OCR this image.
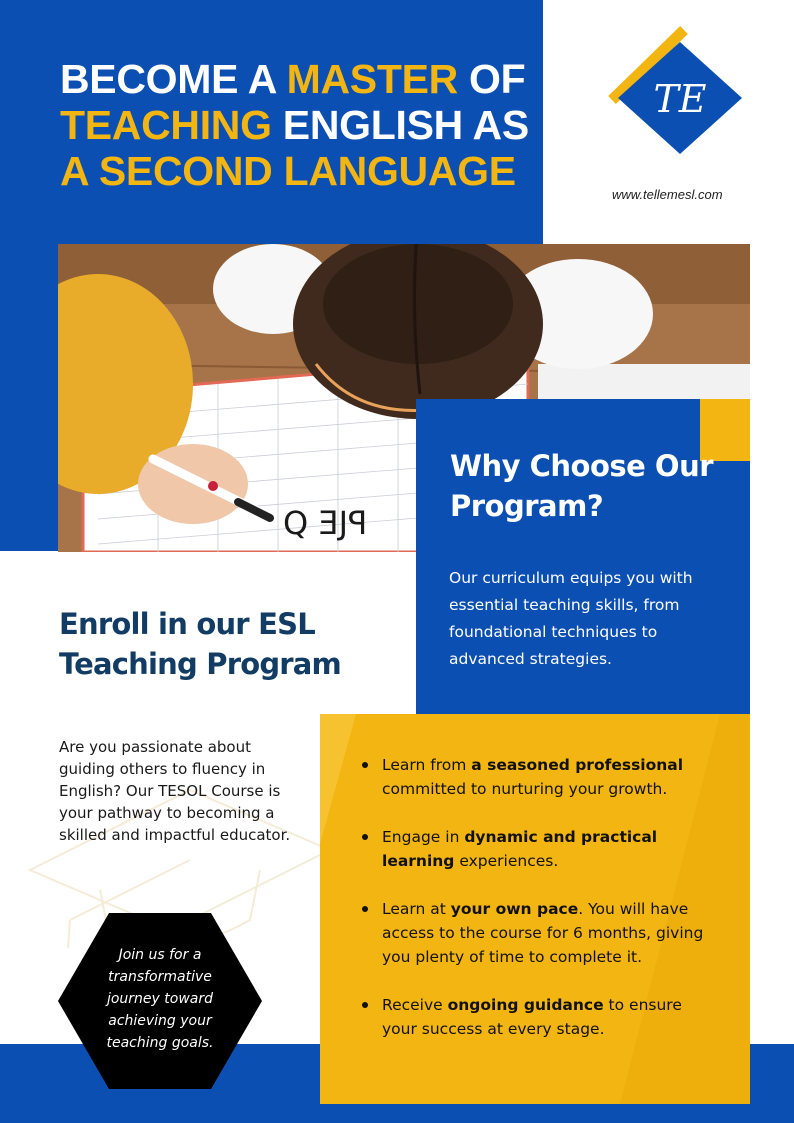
BECOME A MASTER OF
TEACHING ENGLISH AS
A SECOND LANGUAGE
TE
www.tellemesl.com
Q ƎJꟼ
Why Choose Our Program?

Our curriculum equips you with essential teaching skills, from foundational techniques to advanced strategies.

Enroll in our ESL Teaching Program

Are you passionate about guiding others to fluency in English? Our TESOL Course is your pathway to becoming a skilled and impactful educator.

Join us for a transformative journey toward achieving your teaching goals.

Learn from a seasoned professional committed to nurturing your growth.
Engage in dynamic and practical learning experiences.
Learn at your own pace. You will have access to the course for 6 months, giving you plenty of time to complete it.
Receive ongoing guidance to ensure your success at every stage.
